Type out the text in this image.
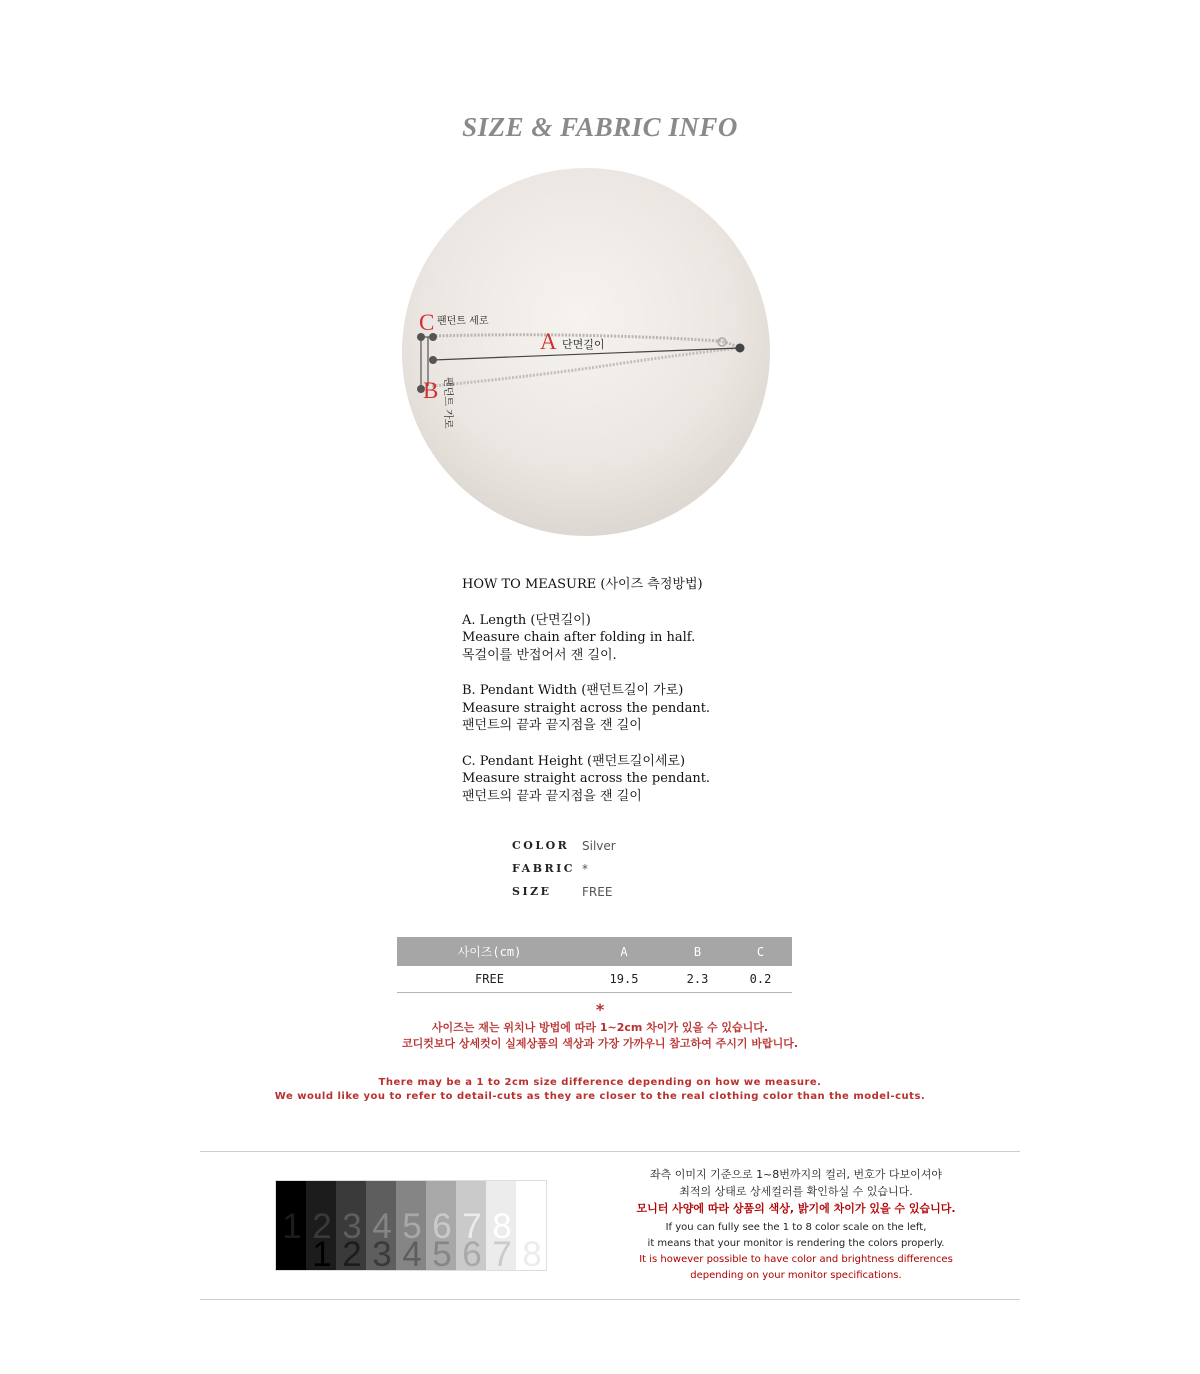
SIZE & FABRIC INFO
A 단면길이
C 팬던트 세로
B 팬던트 가로

HOW TO MEASURE (사이즈 측정방법)

A. Length (단면길이)
Measure chain after folding in half.
목걸이를 반접어서 잰 길이.

B. Pendant Width (팬던트길이 가로)
Measure straight across the pendant.
팬던트의 끝과 끝지점을 잰 길이

C. Pendant Height (팬던트길이세로)
Measure straight across the pendant.
팬던트의 끝과 끝지점을 잰 길이

COLOR	Silver
FABRIC *
SIZE	FREE
사이즈(cm)	A	B	C
FREE	19.5	2.3	0.2
*
사이즈는 재는 위치나 방법에 따라 1~2cm 차이가 있을 수 있습니다.
코디컷보다 상세컷이 실제상품의 색상과 가장 가까우니 참고하여 주시기 바랍니다.
There may be a 1 to 2cm size difference depending on how we measure.
We would like you to refer to detail-cuts as they are closer to the real clothing color than the model-cuts.
1 2
1
3
2
4
3
5
4
6
5
7
6
8
7 8
좌측 이미지 기준으로 1~8번까지의 컬러, 번호가 다보이셔야
최적의 상태로 상세컬러를 확인하실 수 있습니다.
모니터 사양에 따라 상품의 색상, 밝기에 차이가 있을 수 있습니다.
If you can fully see the 1 to 8 color scale on the left,
it means that your monitor is rendering the colors properly.
It is however possible to have color and brightness differences
depending on your monitor specifications.
